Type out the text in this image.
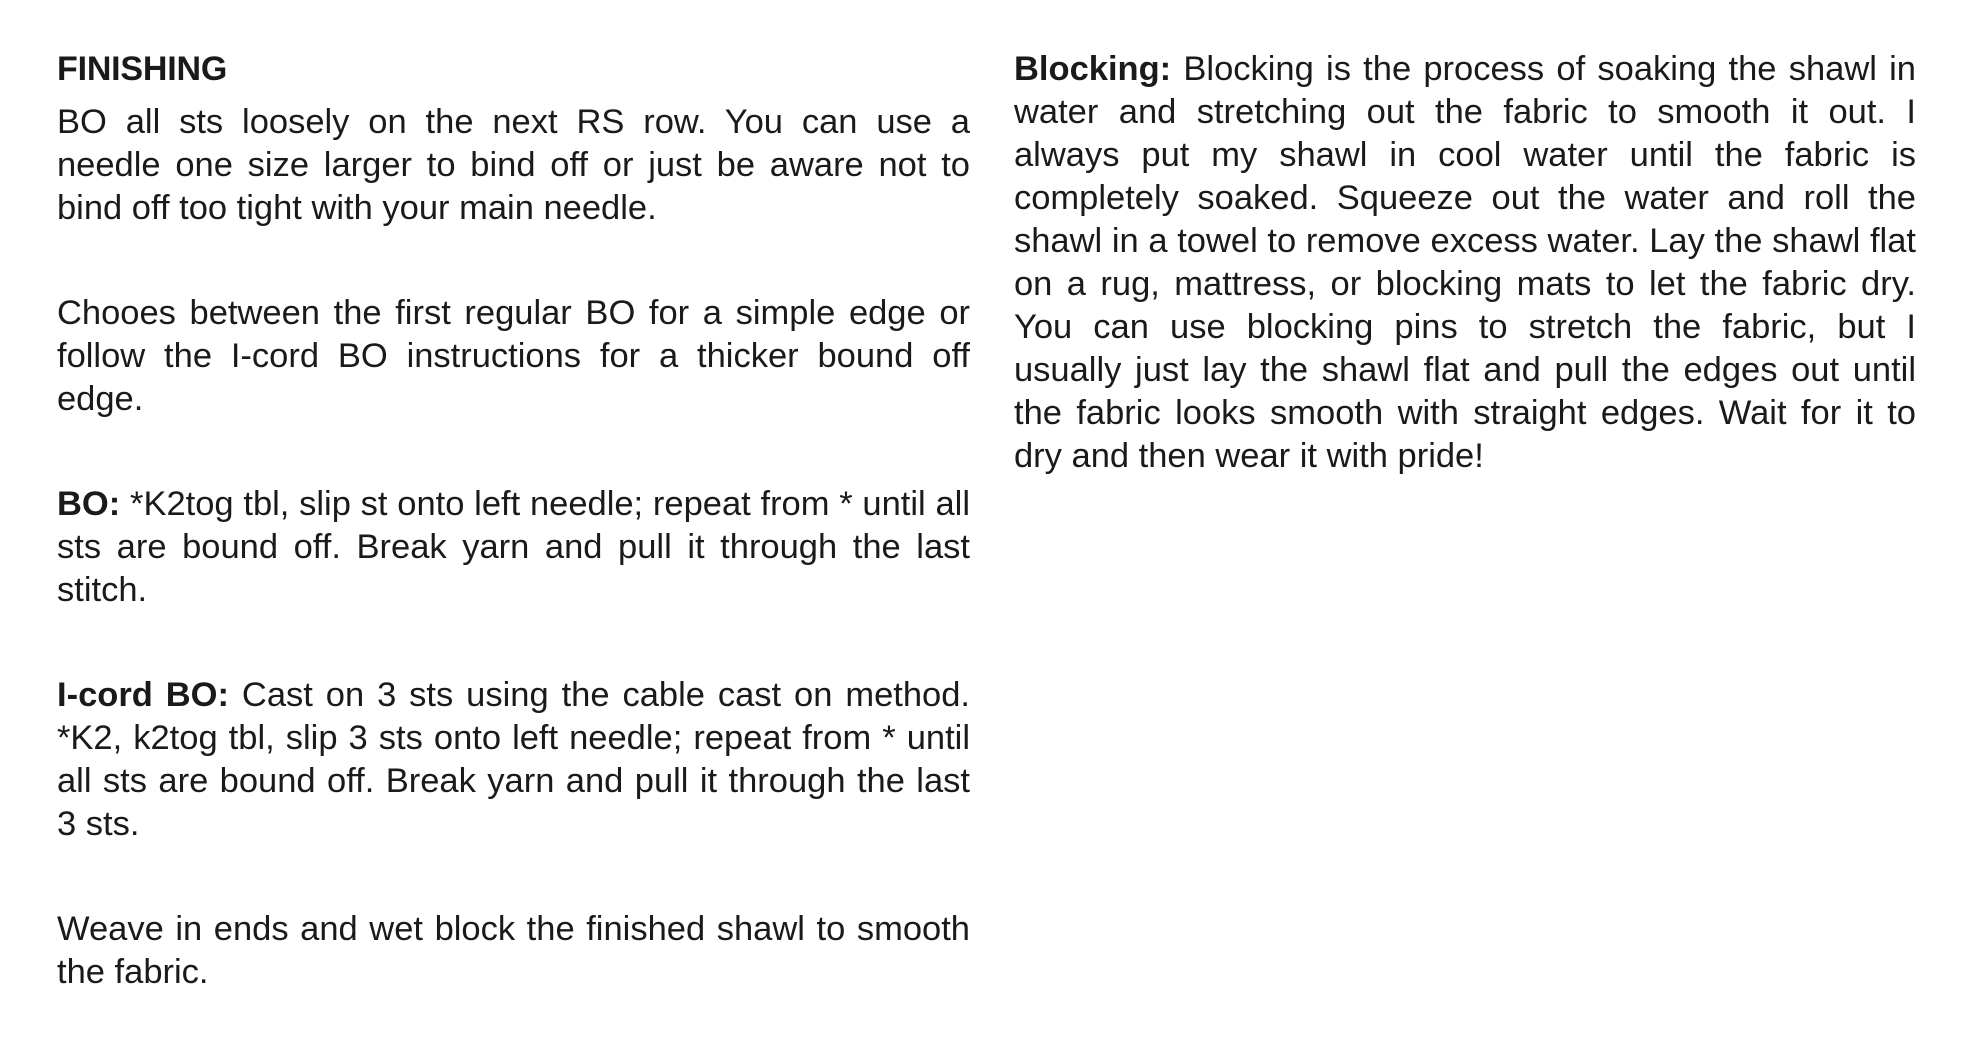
FINISHING

BO all sts loosely on the next RS row. You can use a needle one size larger to bind off or just be aware not to bind off too tight with your main needle.

Chooes between the first regular BO for a simple edge or follow the I-cord BO instructions for a thicker bound off edge.

BO: *K2tog tbl, slip st onto left needle; repeat from * until all sts are bound off. Break yarn and pull it through the last stitch.

I-cord BO: Cast on 3 sts using the cable cast on method. *K2, k2tog tbl, slip 3 sts onto left needle; repeat from * until all sts are bound off. Break yarn and pull it through the last 3 sts.

Weave in ends and wet block the finished shawl to smooth the fabric.

Blocking: Blocking is the process of soaking the shawl in water and stretching out the fabric to smooth it out. I always put my shawl in cool water until the fabric is completely soaked. Squeeze out the water and roll the shawl in a towel to remove excess water. Lay the shawl flat on a rug, mattress, or blocking mats to let the fabric dry. You can use blocking pins to stretch the fabric, but I usually just lay the shawl flat and pull the edges out until the fabric looks smooth with straight edges. Wait for it to dry and then wear it with pride!
